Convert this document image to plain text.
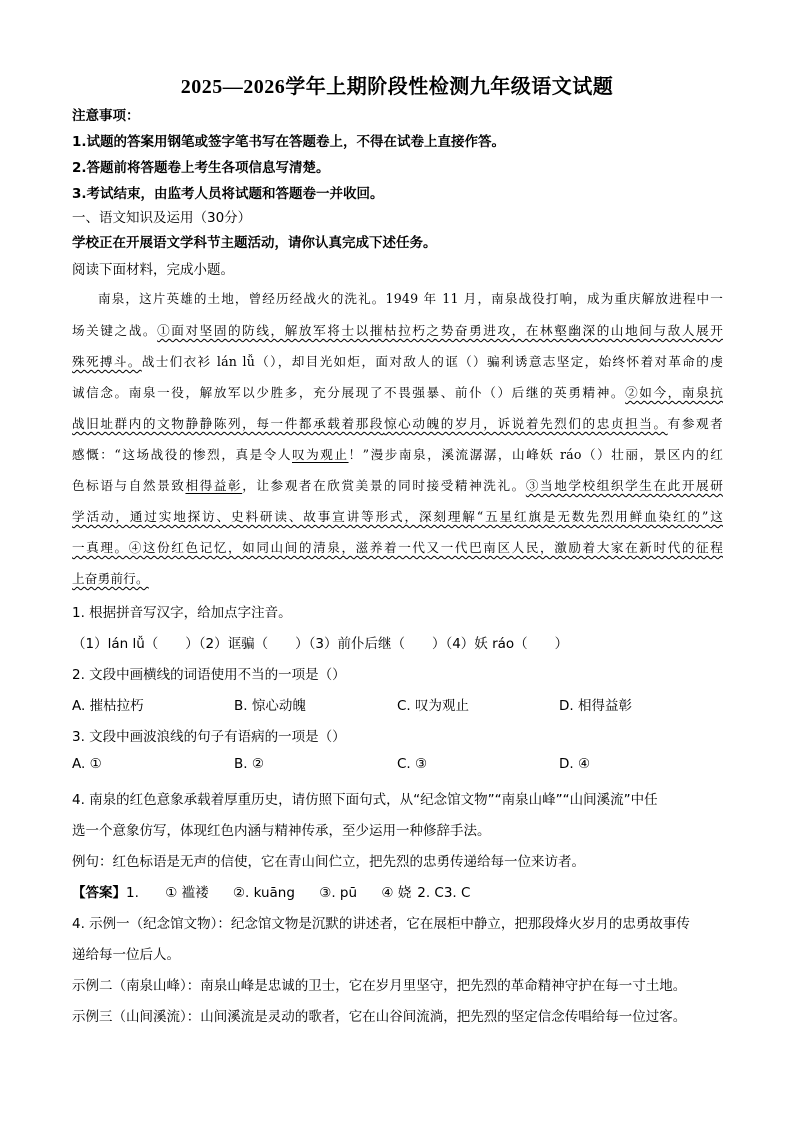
2025—2026学年上期阶段性检测九年级语文试题
注意事项：
1.试题的答案用钢笔或签字笔书写在答题卷上，不得在试卷上直接作答。
2.答题前将答题卷上考生各项信息写清楚。
3.考试结束，由监考人员将试题和答题卷一并收回。
一、语文知识及运用（30分）
学校正在开展语文学科节主题活动，请你认真完成下述任务。
阅读下面材料，完成小题。
南泉，这片英雄的土地，曾经历经战火的洗礼。1949 年 11 月，南泉战役打响，成为重庆解放进程中一
场关键之战。①面对坚固的防线，解放军将士以摧枯拉朽之势奋勇进攻，在林壑幽深的山地间与敌人展开
殊死搏斗。战士们衣衫 lán lǚ（），却目光如炬，面对敌人的诓（）骗利诱意志坚定，始终怀着对革命的虔
诚信念。南泉一役，解放军以少胜多，充分展现了不畏强暴、前仆（）后继的英勇精神。②如今，南泉抗
战旧址群内的文物静静陈列，每一件都承载着那段惊心动魄的岁月，诉说着先烈们的忠贞担当。有参观者
感慨：“这场战役的惨烈，真是令人叹为观止！”漫步南泉，溪流潺潺，山峰妖 ráo（）壮丽，景区内的红
色标语与自然景致相得益彰，让参观者在欣赏美景的同时接受精神洗礼。③当地学校组织学生在此开展研
学活动，通过实地探访、史料研读、故事宣讲等形式，深刻理解“五星红旗是无数先烈用鲜血染红的”这
一真理。④这份红色记忆，如同山间的清泉，滋养着一代又一代巴南区人民，激励着大家在新时代的征程
上奋勇前行。
1. 根据拼音写汉字，给加点字注音。
（1）lán lǚ（　　）（2）诓骗（　　）（3）前仆后继（　　）（4）妖 ráo（　　）
2. 文段中画横线的词语使用不当的一项是（）
A. 摧枯拉朽	B. 惊心动魄	C. 叹为观止	D. 相得益彰
3. 文段中画波浪线的句子有语病的一项是（）
A. ①	B. ②	C. ③	D. ④
4. 南泉的红色意象承载着厚重历史，请仿照下面句式，从“纪念馆文物”“南泉山峰”“山间溪流”中任
选一个意象仿写，体现红色内涵与精神传承，至少运用一种修辞手法。
例句：红色标语是无声的信使，它在青山间伫立，把先烈的忠勇传递给每一位来访者。
【答案】1. ① 褴褛 ②. kuāng ③. pū ④ 娆 2. C3. C
4. 示例一（纪念馆文物）：纪念馆文物是沉默的讲述者，它在展柜中静立，把那段烽火岁月的忠勇故事传
递给每一位后人。
示例二（南泉山峰）：南泉山峰是忠诚的卫士，它在岁月里坚守，把先烈的革命精神守护在每一寸土地。
示例三（山间溪流）：山间溪流是灵动的歌者，它在山谷间流淌，把先烈的坚定信念传唱给每一位过客。
